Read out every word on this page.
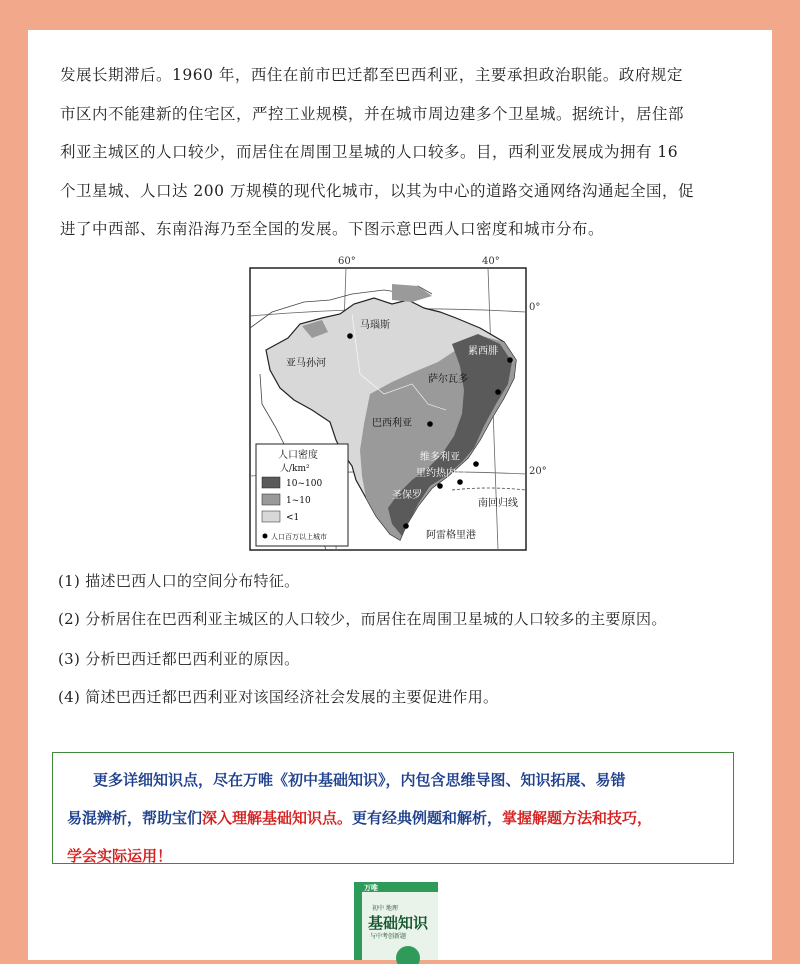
发展长期滞后。1960 年，西住在前市巴迁都至巴西利亚，主要承担政治职能。政府规定
市区内不能建新的住宅区，严控工业规模，并在城市周边建多个卫星城。据统计，居住部
利亚主城区的人口较少，而居住在周围卫星城的人口较多。目，西利亚发展成为拥有 16
个卫星城、人口达 200 万规模的现代化城市，以其为中心的道路交通网络沟通起全国，促
进了中西部、东南沿海乃至全国的发展。下图示意巴西人口密度和城市分布。
60°	40°
0°
20°
马瑙斯
亚马孙河
累西腓
萨尔瓦多
巴西利亚
维多利亚
里约热内卢
圣保罗
南回归线
阿雷格里港
人口密度
人/km²
10~100
1~10
<1
人口百万以上城市
(1) 描述巴西人口的空间分布特征。
(2) 分析居住在巴西利亚主城区的人口较少，而居住在周围卫星城的人口较多的主要原因。
(3) 分析巴西迁都巴西利亚的原因。
(4) 简述巴西迁都巴西利亚对该国经济社会发展的主要促进作用。
更多详细知识点，尽在万唯《初中基础知识》，内包含思维导图、知识拓展、易错
易混辨析，帮助宝们深入理解基础知识点。更有经典例题和解析，掌握解题方法和技巧，
学会实际运用！
万唯
初中 地理
基础知识
与中考创新题
